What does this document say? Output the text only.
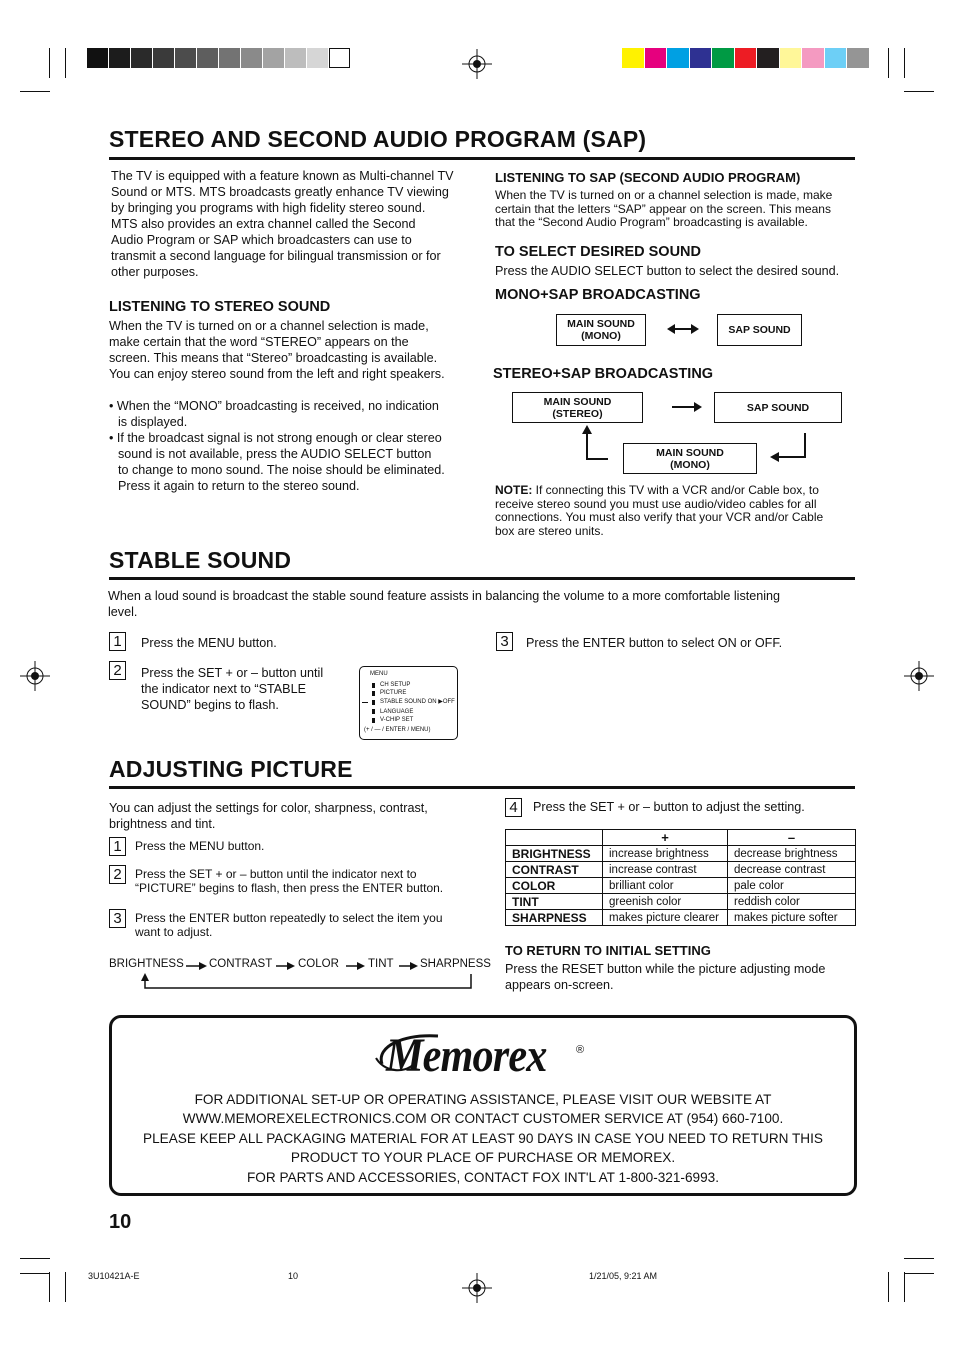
STEREO AND SECOND AUDIO PROGRAM (SAP)
The TV is equipped with a feature known as Multi-channel TV
Sound or MTS. MTS broadcasts greatly enhance TV viewing
by bringing you programs with high fidelity stereo sound.
MTS also provides an extra channel called the Second
Audio Program or SAP which broadcasters can use to
transmit a second language for bilingual transmission or for
other purposes.
LISTENING TO STEREO SOUND
When the TV is turned on or a channel selection is made,
make certain that the word “STEREO” appears on the
screen. This means that “Stereo” broadcasting is available.
You can enjoy stereo sound from the left and right speakers.
• When the “MONO” broadcasting is received, no indication
is displayed.
• If the broadcast signal is not strong enough or clear stereo
sound is not available, press the AUDIO SELECT button
to change to mono sound. The noise should be eliminated.
Press it again to return to the stereo sound.
LISTENING TO SAP (SECOND AUDIO PROGRAM)
When the TV is turned on or a channel selection is made, make
certain that the letters “SAP” appear on the screen. This means
that the “Second Audio Program” broadcasting is available.
TO SELECT DESIRED SOUND
Press the AUDIO SELECT button to select the desired sound.
MONO+SAP BROADCASTING
MAIN SOUND
(MONO)	SAP SOUND
STEREO+SAP BROADCASTING
MAIN SOUND
(STEREO)	SAP SOUND
MAIN SOUND
(MONO)
NOTE: If connecting this TV with a VCR and/or Cable box, to
receive stereo sound you must use audio/video cables for all
connections. You must also verify that your VCR and/or Cable
box are stereo units.
STABLE SOUND
When a loud sound is broadcast the stable sound feature assists in balancing the volume to a more comfortable listening
level.
1	Press the MENU button.
2	Press the SET + or – button until
the indicator next to “STABLE
SOUND” begins to flash.
MENU
CH SETUP
PICTURE
STABLE SOUND ON ▶OFF
LANGUAGE
V-CHIP SET
(+ / — / ENTER / MENU)
3	Press the ENTER button to select ON or OFF.
ADJUSTING PICTURE
You can adjust the settings for color, sharpness, contrast,
brightness and tint.
1	Press the MENU button.
2	Press the SET + or – button until the indicator next to
“PICTURE” begins to flash, then press the ENTER button.
3	Press the ENTER button repeatedly to select the item you
want to adjust.
BRIGHTNESS CONTRAST COLOR	TINT SHARPNESS
4	Press the SET + or – button to adjust the setting.
	+	–
BRIGHTNESS	increase brightness	decrease brightness
CONTRAST	increase contrast	decrease contrast
COLOR	brilliant color	pale color
TINT	greenish color	reddish color
SHARPNESS	makes picture clearer	makes picture softer
TO RETURN TO INITIAL SETTING
Press the RESET button while the picture adjusting mode
appears on-screen.
Memorex	®
FOR ADDITIONAL SET-UP OR OPERATING ASSISTANCE, PLEASE VISIT OUR WEBSITE AT
WWW.MEMOREXELECTRONICS.COM OR CONTACT CUSTOMER SERVICE AT (954) 660-7100.
PLEASE KEEP ALL PACKAGING MATERIAL FOR AT LEAST 90 DAYS IN CASE YOU NEED TO RETURN THIS
PRODUCT TO YOUR PLACE OF PURCHASE OR MEMOREX.
FOR PARTS AND ACCESSORIES, CONTACT FOX INT'L AT 1-800-321-6993.
10
3U10421A-E	10	1/21/05, 9:21 AM
